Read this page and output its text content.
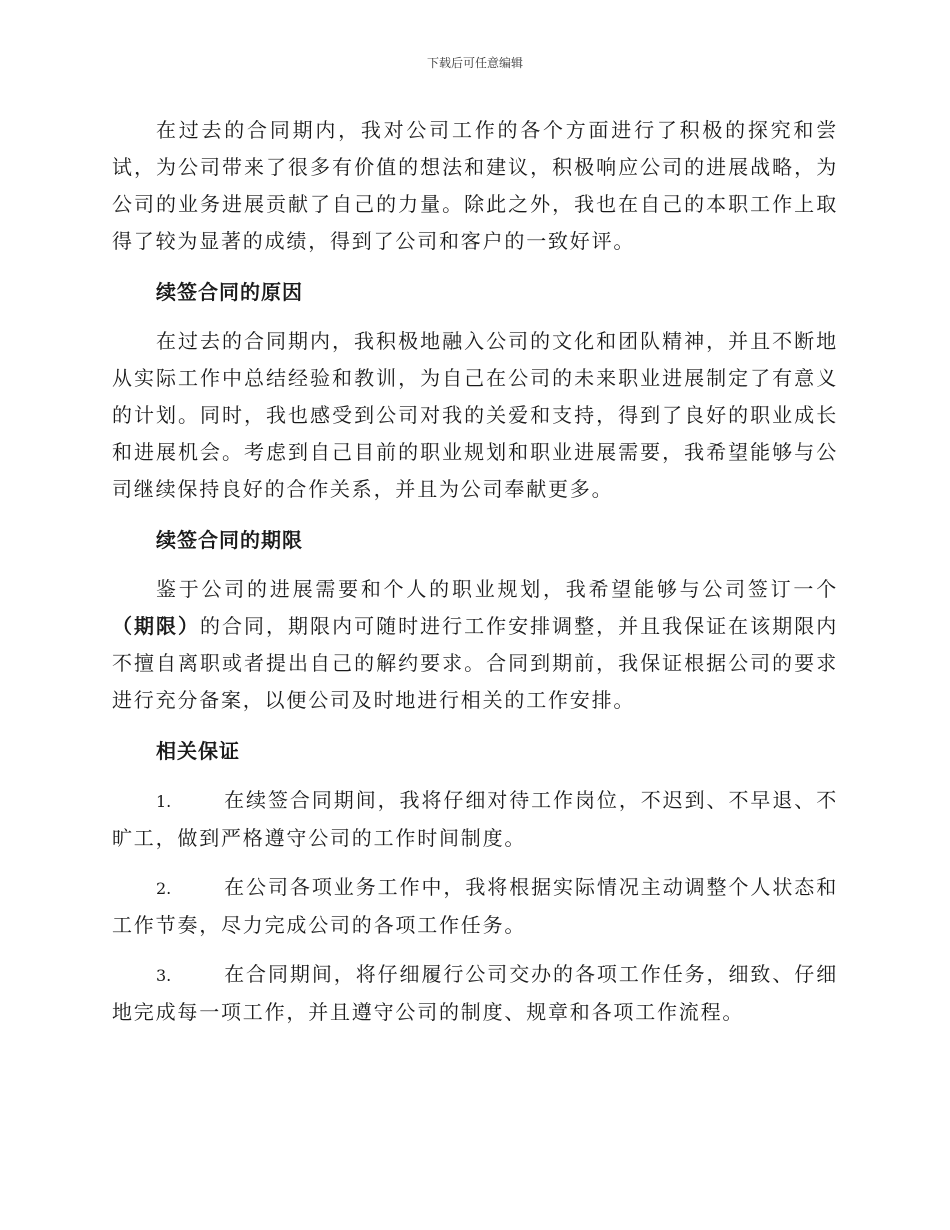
下载后可任意编辑

在过去的合同期内，我对公司工作的各个方面进行了积极的探究和尝试，为公司带来了很多有价值的想法和建议，积极响应公司的进展战略，为公司的业务进展贡献了自己的力量。除此之外，我也在自己的本职工作上取得了较为显著的成绩，得到了公司和客户的一致好评。

续签合同的原因

在过去的合同期内，我积极地融入公司的文化和团队精神，并且不断地从实际工作中总结经验和教训，为自己在公司的未来职业进展制定了有意义的计划。同时，我也感受到公司对我的关爱和支持，得到了良好的职业成长和进展机会。考虑到自己目前的职业规划和职业进展需要，我希望能够与公司继续保持良好的合作关系，并且为公司奉献更多。

续签合同的期限

鉴于公司的进展需要和个人的职业规划，我希望能够与公司签订一个（期限）的合同，期限内可随时进行工作安排调整，并且我保证在该期限内不擅自离职或者提出自己的解约要求。合同到期前，我保证根据公司的要求进行充分备案，以便公司及时地进行相关的工作安排。

相关保证

1.	在续签合同期间，我将仔细对待工作岗位，不迟到、不早退、不旷工，做到严格遵守公司的工作时间制度。

2.	在公司各项业务工作中，我将根据实际情况主动调整个人状态和工作节奏，尽力完成公司的各项工作任务。

3.	在合同期间，将仔细履行公司交办的各项工作任务，细致、仔细地完成每一项工作，并且遵守公司的制度、规章和各项工作流程。
